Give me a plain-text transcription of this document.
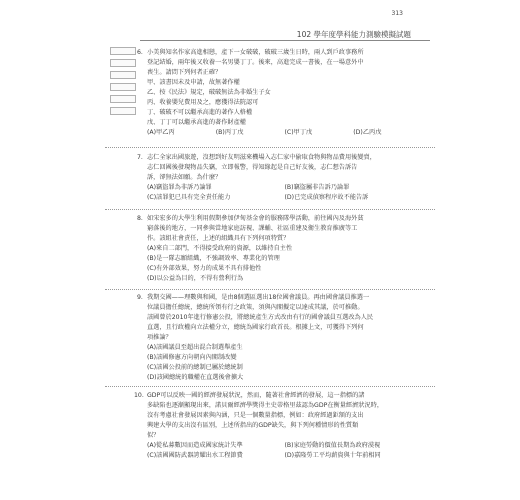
313
102 學年度學科能力測驗模擬試題
6. 小美與知名作家高進相戀，產下一女破破，破破三歲生日時，兩人到戶政事務所

登記結婚，兩年後又收養一名男嬰丁丁。後來，高進完成一書後，在一場意外中

喪生。請問下列何者正確？

甲、該書因未及申請，故無著作權

乙、按《民法》規定，破破無法為非婚生子女

丙、收養嬰兒費用及之，應獲得法院認可

丁、破破不可以繼承高進的著作人格權

戊、丁丁可以繼承高進的著作財產權

(A)甲乙丙	(B)丙丁戊	(C)甲丁戊	(D)乙丙戊
7. 志仁全家出國旅遊，沒想到好友明滋來機場入志仁家中偷取食物與物品費用後變賣，

志仁回國後發現物品失竊，立即報警，得知緣起是自己好友後，志仁想告訴告

訴，卻無法如願。為什麼？

(A)竊盜罪為非訴乃論罪	(B)竊盜屬非告訴乃論罪
(C)該罪犯已具有完全責任能力	(D)已完成偵察程序故不能告訴
8. 如宋宏多的大學生利用假期參加伊甸基金會的服務隊學活動，前往國內及海外貧

窮落後的地方，一同參與當地家庭訪視、課輔、社區重建及衛生教育推廣等工

作。該組社會責任，上述的組織具有下列何項特質？

(A)來自二部門，不得接受政府的資源，以維持自主性

(B)是一隊志願組織，不強調效率、專業化的管理

(C)有外部效果，努力的成果不具有排他性

(D)以公益為目的，不得有營利行為

9. 我期交國——理數與和國，是由8個選區選出18位國會議員。再由國會議員推選一

位議員擔任總統，總統所領有行之政策，須與內閣擬定以達成其議，於可推動。

該國曾於2010年進行修憲公投，將總統產生方式改由有行的國會議員互選改為人民

直選，且行政權向立法權分立，總統為國家行政首長。根據上文，可獲得下列何

項推論？

(A)該國議員至超出混合制選舉產生

(B)該國修憲方向朝向內閣制改變

(C)該國公投前的總制已屬於總統制

(D)該國總統的職權在直選後會擴大

10. GDP可以反映一國的經濟發展狀況，然而，隨著社會經濟的發展，這一指標的諸

多缺陷也逐漸顯現出來，諾貝爾經濟學獎得主史蒂格里茲認為GDP在衡量經濟狀況時，

沒有考慮社會發展因素與內涵，只是一個數量指標，例如：政府經過鉅額的支出

興建大學的支出沒有區別，上述所指出的GDP缺失，與下列何種情形的性質類

似？

(A)從私募數因而造成國家統計失準	(B)家庭勞動的價值長期為政府漠視
(C)該國國防武器誇耀出水工程節費	(D)嘉隆勞工平均薪資與十年前相同
